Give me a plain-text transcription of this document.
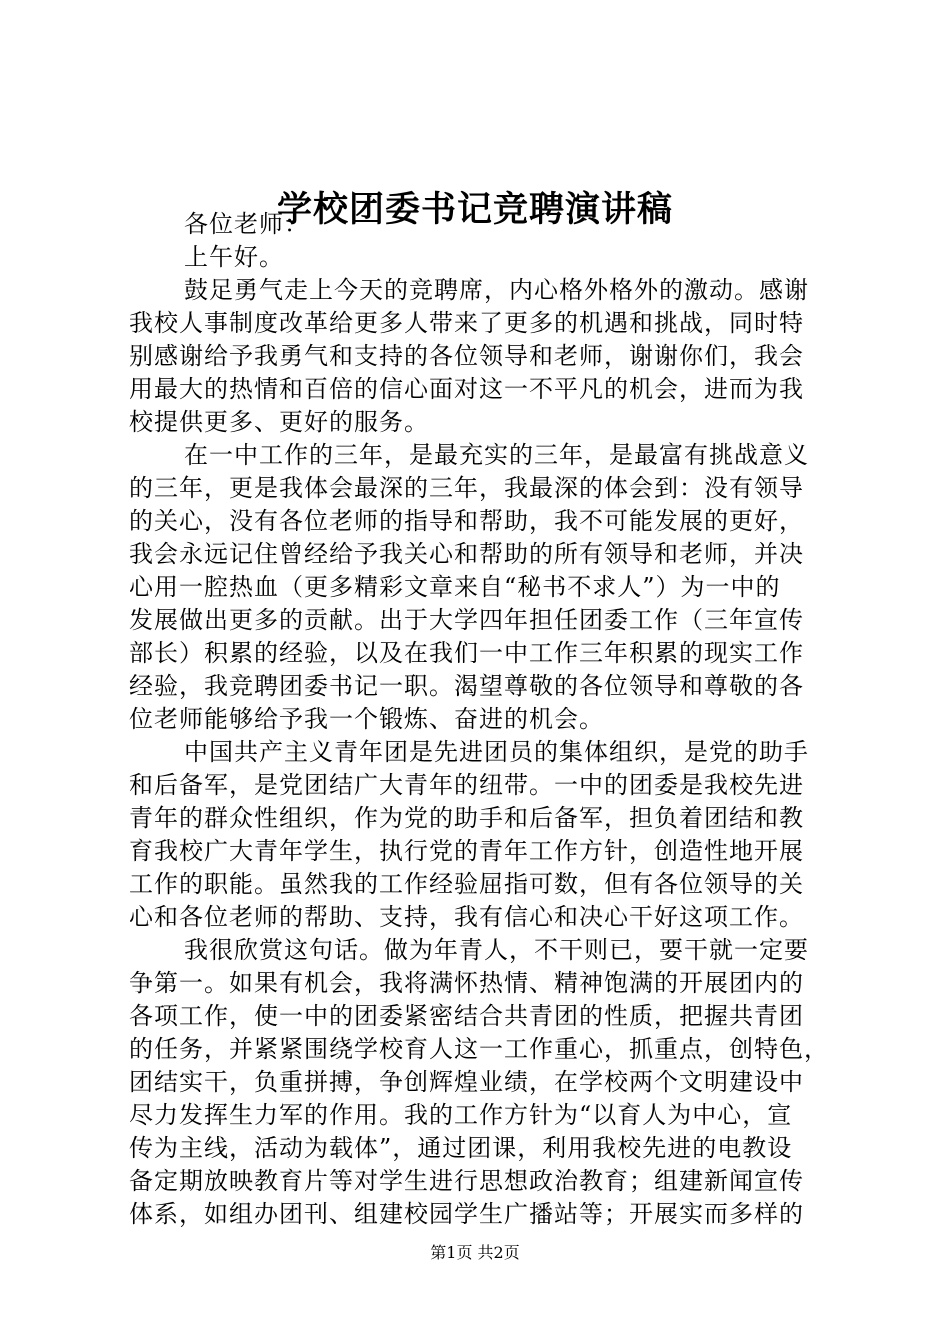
学校团委书记竞聘演讲稿
各位老师：
上午好。
鼓足勇气走上今天的竞聘席，内心格外格外的激动。感谢
我校人事制度改革给更多人带来了更多的机遇和挑战，同时特
别感谢给予我勇气和支持的各位领导和老师，谢谢你们，我会
用最大的热情和百倍的信心面对这一不平凡的机会，进而为我
校提供更多、更好的服务。
在一中工作的三年，是最充实的三年，是最富有挑战意义
的三年，更是我体会最深的三年，我最深的体会到：没有领导
的关心，没有各位老师的指导和帮助，我不可能发展的更好，
我会永远记住曾经给予我关心和帮助的所有领导和老师，并决
心用一腔热血（更多精彩文章来自“秘书不求人”）为一中的
发展做出更多的贡献。出于大学四年担任团委工作（三年宣传
部长）积累的经验，以及在我们一中工作三年积累的现实工作
经验，我竞聘团委书记一职。渴望尊敬的各位领导和尊敬的各
位老师能够给予我一个锻炼、奋进的机会。
中国共产主义青年团是先进团员的集体组织，是党的助手
和后备军，是党团结广大青年的纽带。一中的团委是我校先进
青年的群众性组织，作为党的助手和后备军，担负着团结和教
育我校广大青年学生，执行党的青年工作方针，创造性地开展
工作的职能。虽然我的工作经验屈指可数，但有各位领导的关
心和各位老师的帮助、支持，我有信心和决心干好这项工作。
我很欣赏这句话。做为年青人，不干则已，要干就一定要
争第一。如果有机会，我将满怀热情、精神饱满的开展团内的
各项工作，使一中的团委紧密结合共青团的性质，把握共青团
的任务，并紧紧围绕学校育人这一工作重心，抓重点，创特色，
团结实干，负重拼搏，争创辉煌业绩，在学校两个文明建设中
尽力发挥生力军的作用。我的工作方针为“以育人为中心，宣
传为主线，活动为载体”，通过团课，利用我校先进的电教设
备定期放映教育片等对学生进行思想政治教育；组建新闻宣传
体系，如组办团刊、组建校园学生广播站等；开展实而多样的
第1页 共2页
